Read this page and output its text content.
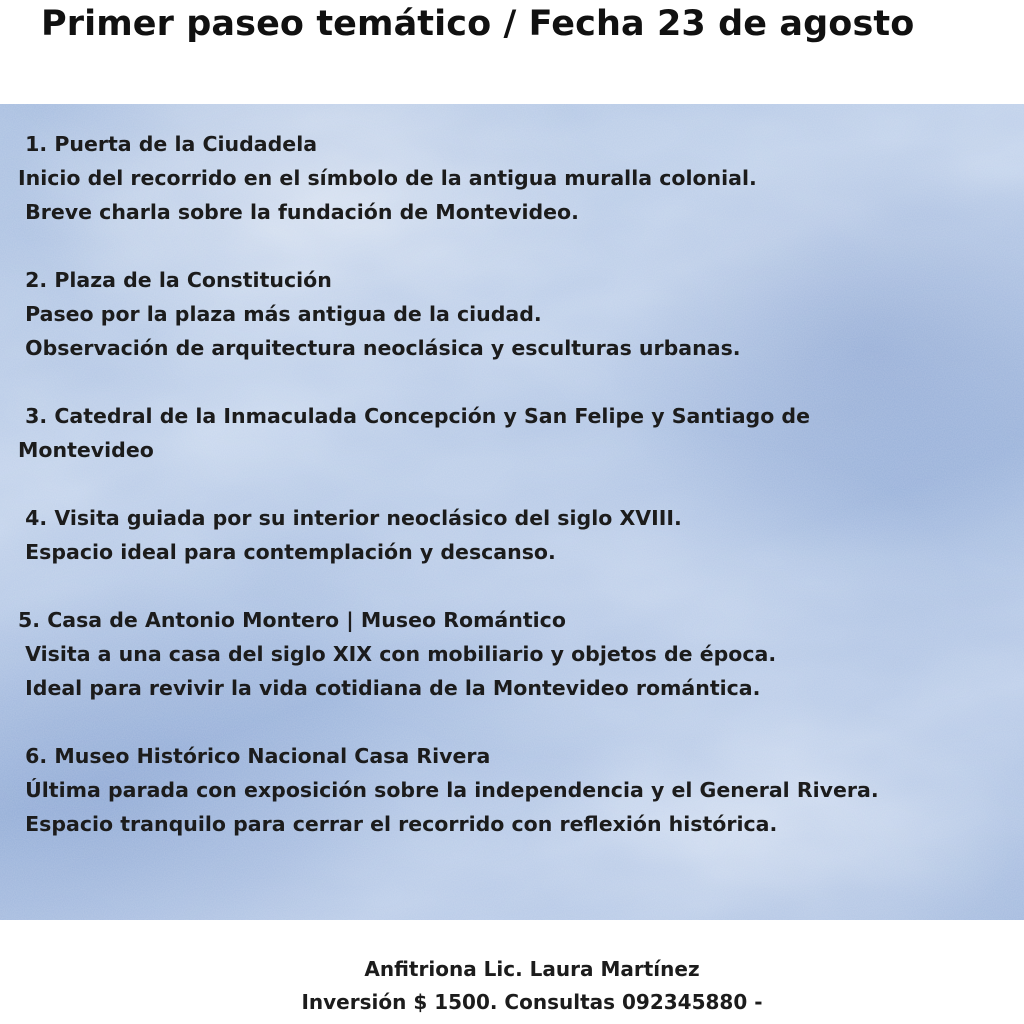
Primer paseo temático / Fecha 23 de agosto
1. Puerta de la Ciudadela
Inicio del recorrido en el símbolo de la antigua muralla colonial.
Breve charla sobre la fundación de Montevideo.
2. Plaza de la Constitución
Paseo por la plaza más antigua de la ciudad.
Observación de arquitectura neoclásica y esculturas urbanas.
3. Catedral de la Inmaculada Concepción y San Felipe y Santiago de
Montevideo
4. Visita guiada por su interior neoclásico del siglo XVIII.
Espacio ideal para contemplación y descanso.
5. Casa de Antonio Montero | Museo Romántico
Visita a una casa del siglo XIX con mobiliario y objetos de época.
Ideal para revivir la vida cotidiana de la Montevideo romántica.
6. Museo Histórico Nacional Casa Rivera
Última parada con exposición sobre la independencia y el General Rivera.
Espacio tranquilo para cerrar el recorrido con reflexión histórica.
Anfitriona Lic. Laura Martínez
Inversión $ 1500. Consultas 092345880 -
